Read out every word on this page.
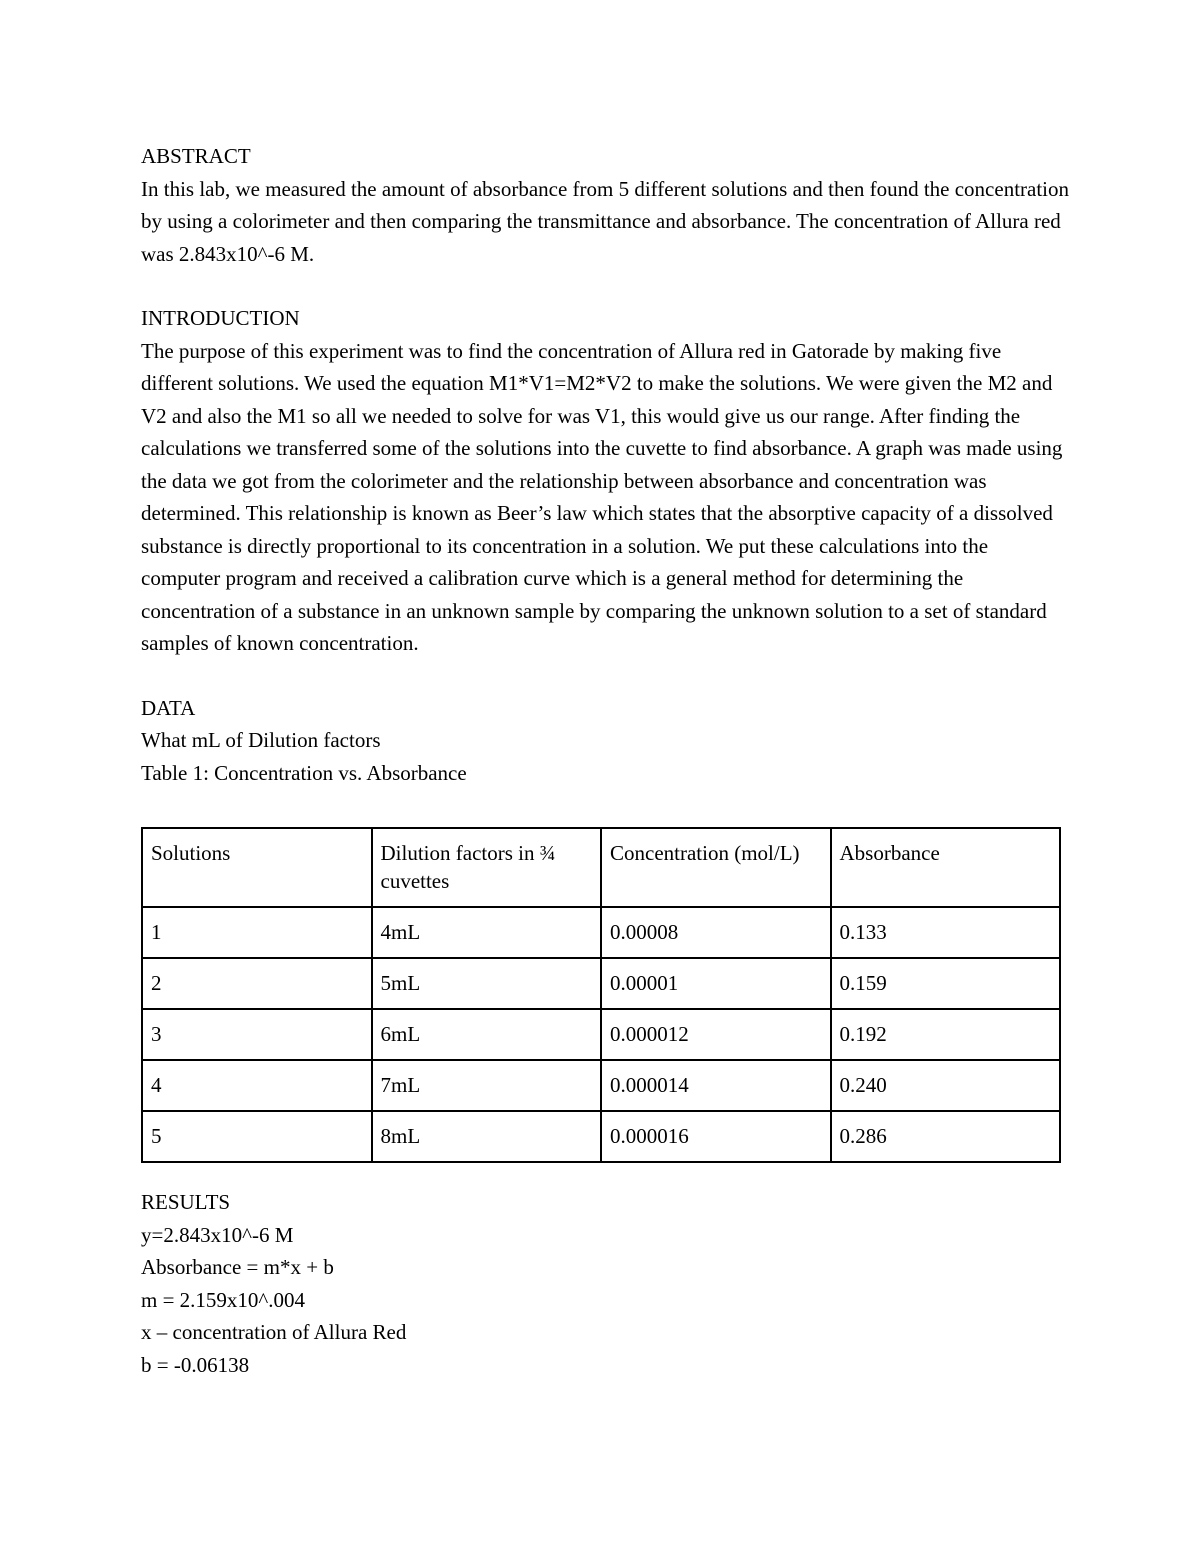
ABSTRACT

In this lab, we measured the amount of absorbance from 5 different solutions and then found the concentration by using a colorimeter and then comparing the transmittance and absorbance. The concentration of Allura red was 2.843x10^-6 M.

INTRODUCTION

The purpose of this experiment was to find the concentration of Allura red in Gatorade by making five different solutions. We used the equation M1*V1=M2*V2 to make the solutions. We were given the M2 and V2 and also the M1 so all we needed to solve for was V1, this would give us our range. After finding the calculations we transferred some of the solutions into the cuvette to find absorbance. A graph was made using the data we got from the colorimeter and the relationship between absorbance and concentration was determined. This relationship is known as Beer’s law which states that the absorptive capacity of a dissolved substance is directly proportional to its concentration in a solution. We put these calculations into the computer program and received a calibration curve which is a general method for determining the concentration of a substance in an unknown sample by comparing the unknown solution to a set of standard samples of known concentration.

DATA
What mL of Dilution factors
Table 1: Concentration vs. Absorbance
Solutions	Dilution factors in ¾ cuvettes	Concentration (mol/L)	Absorbance
1	4mL	0.00008	0.133
2	5mL	0.00001	0.159
3	6mL	0.000012	0.192
4	7mL	0.000014	0.240
5	8mL	0.000016	0.286
RESULTS
y=2.843x10^-6 M
Absorbance = m*x + b
m = 2.159x10^.004
x – concentration of Allura Red
b = -0.06138
